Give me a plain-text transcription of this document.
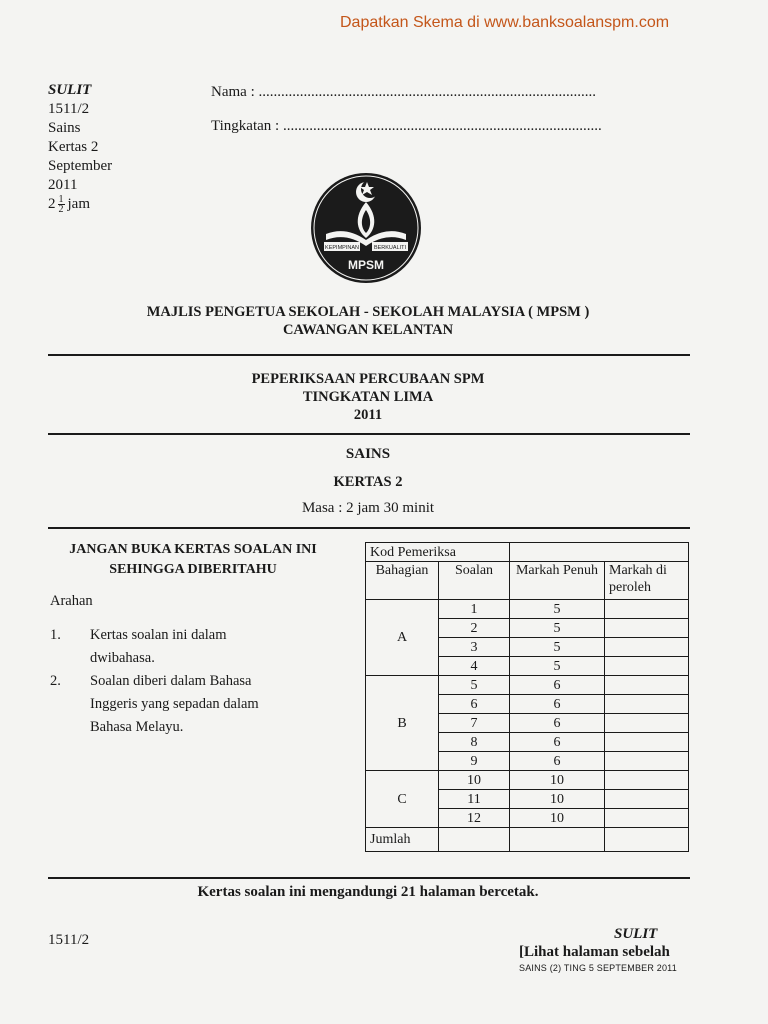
Dapatkan Skema di www.banksoalanspm.com
SULIT
1511/2
Sains
Kertas 2
September
2011
$2 \frac{1}{2}$ jam
Nama : ..........................................................................................
Tingkatan : .....................................................................................
KEPIMPINAN	BERKUALITI
MPSM
MAJLIS PENGETUA SEKOLAH - SEKOLAH MALAYSIA ( MPSM )
CAWANGAN KELANTAN
PEPERIKSAAN PERCUBAAN SPM
TINGKATAN LIMA
2011
SAINS
KERTAS 2
Masa : 2 jam 30 minit
JANGAN BUKA KERTAS SOALAN INI
SEHINGGA DIBERITAHU
Arahan
1. Kertas soalan ini dalam dwibahasa.
2. Soalan diberi dalam Bahasa Inggeris yang sepadan dalam Bahasa Melayu.
Kod Pemeriksa			
Bahagian	Soalan	Markah Penuh	Markah di peroleh
A	1	5	
	2	5	
	3	5	
	4	5	
B	5	6	
	6	6	
	7	6	
	8	6	
	9	6	
C	10	10	
	11	10	
	12	10	
Jumlah			
Kertas soalan ini mengandungi 21 halaman bercetak.
1511/2	SULIT
[Lihat halaman sebelah
SAINS (2) TING 5 SEPTEMBER 2011
